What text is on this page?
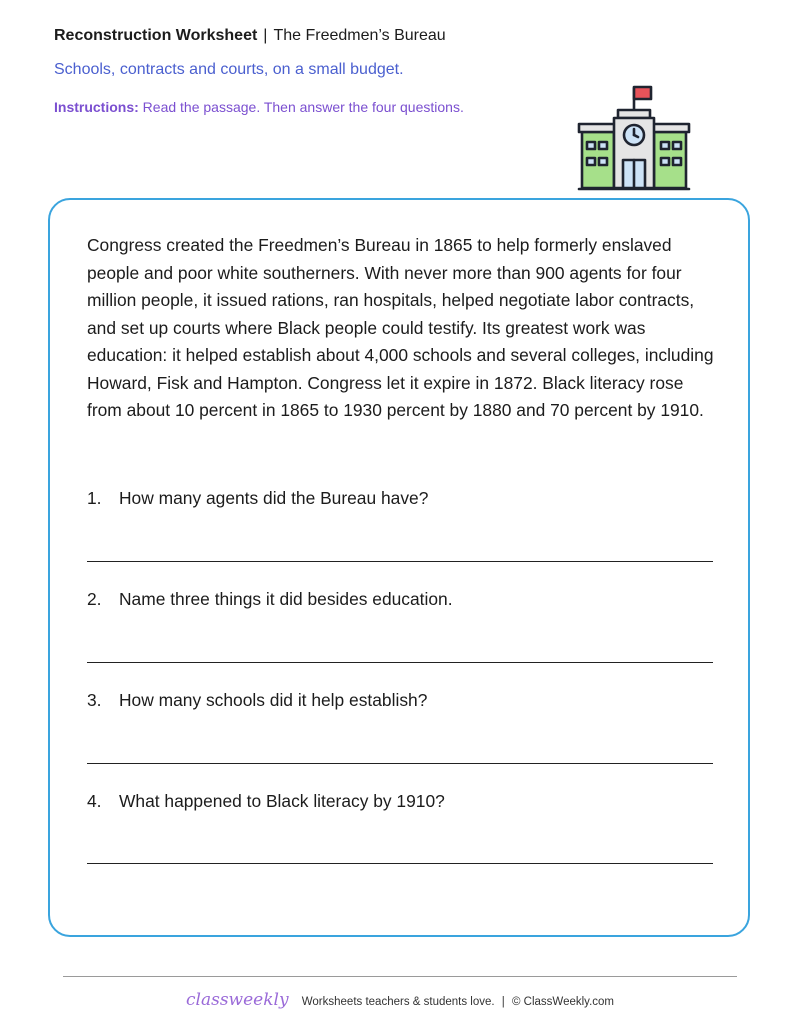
Reconstruction Worksheet | The Freedmen’s Bureau
Schools, contracts and courts, on a small budget.
Instructions: Read the passage. Then answer the four questions.

Congress created the Freedmen’s Bureau in 1865 to help formerly enslaved people and poor white southerners. With never more than 900 agents for four million people, it issued rations, ran hospitals, helped negotiate labor contracts, and set up courts where Black people could testify. Its greatest work was education: it helped establish about 4,000 schools and several colleges, including Howard, Fisk and Hampton. Congress let it expire in 1872. Black literacy rose from about 10 percent in 1865 to 1930 percent by 1880 and 70 percent by 1910.

1. How many agents did the Bureau have?
2. Name three things it did besides education.
3. How many schools did it help establish?
4. What happened to Black literacy by 1910?
classweekly Worksheets teachers & students love. | © ClassWeekly.com
